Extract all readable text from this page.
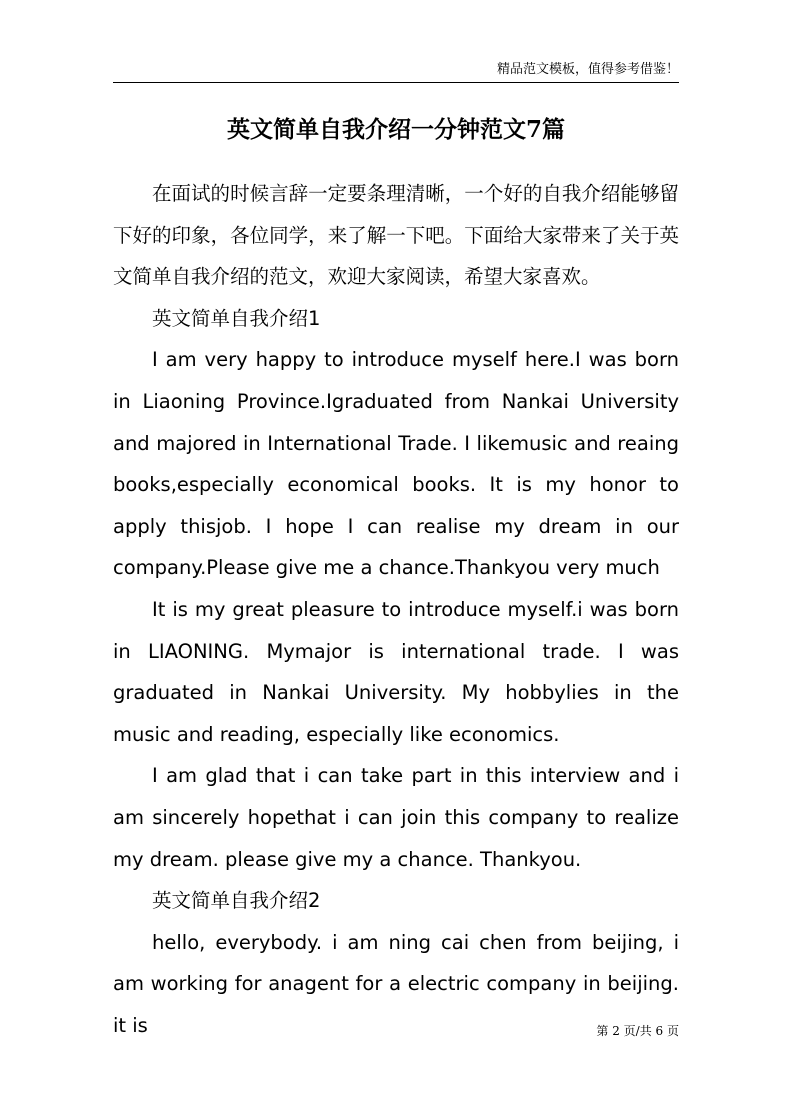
精品范文模板，值得参考借鉴！
英文简单自我介绍一分钟范文7篇

在面试的时候言辞一定要条理清晰，一个好的自我介绍能够留下好的印象，各位同学，来了解一下吧。下面给大家带来了关于英文简单自我介绍的范文，欢迎大家阅读，希望大家喜欢。

英文简单自我介绍1

I am very happy to introduce myself here.I was born in Liaoning Province.Igraduated from Nankai University and majored in International Trade. I likemusic and reaing books,especially economical books. It is my honor to apply thisjob. I hope I can realise my dream in our company.Please give me a chance.Thankyou very much

It is my great pleasure to introduce myself.i was born in LIAONING. Mymajor is international trade. I was graduated in Nankai University. My hobbylies in the music and reading, especially like economics.

I am glad that i can take part in this interview and i am sincerely hopethat i can join this company to realize my dream. please give my a chance. Thankyou.

英文简单自我介绍2

hello, everybody. i am ning cai chen from beijing, i am working for anagent for a electric company in beijing. it is	第 2 页/共 6 页
